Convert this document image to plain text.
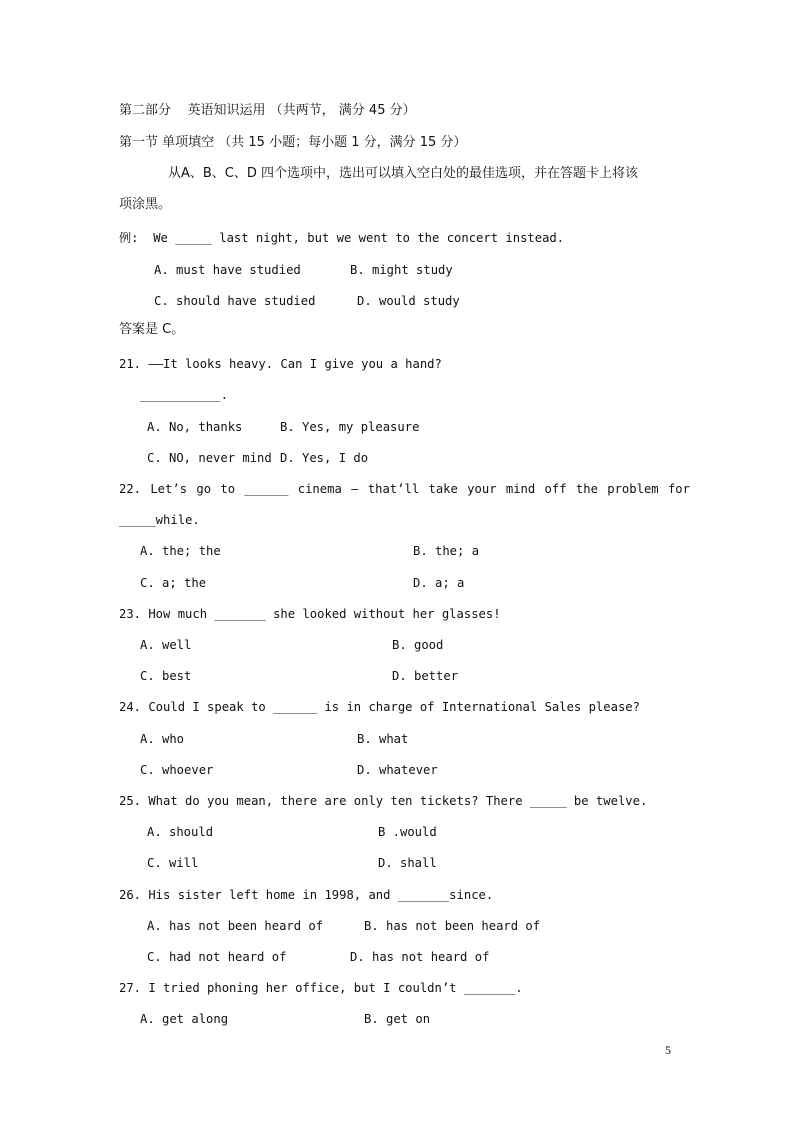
第二部分    英语知识运用 （共两节， 满分 45 分）
第一节 单项填空 （共 15 小题；每小题 1 分，满分 15 分）
从A、B、C、D 四个选项中，选出可以填入空白处的最佳选项，并在答题卡上将该
项涂黑。
例:  We _____ last night, but we went to the concert instead.
A. must have studied	B. might study
C. should have studied	D. would study
答案是 C。
21. ——It looks heavy. Can I give you a hand?
___________.
A. No, thanks	B. Yes, my pleasure
C. NO, never mind D. Yes, I do
22. Let’s go to ______ cinema – that’ll take your mind off the problem for
_____while.
A. the; the	B. the; a
C. a; the	D. a; a
23. How much _______ she looked without her glasses!
A. well	B. good
C. best	D. better
24. Could I speak to ______ is in charge of International Sales please?
A. who	B. what
C. whoever	D. whatever
25. What do you mean, there are only ten tickets? There _____ be twelve.
A. should	B .would
C. will	D. shall
26. His sister left home in 1998, and _______since.
A. has not been heard of	B. has not been heard of
C. had not heard of	D. has not heard of
27. I tried phoning her office, but I couldn’t _______.
A. get along	B. get on
5
